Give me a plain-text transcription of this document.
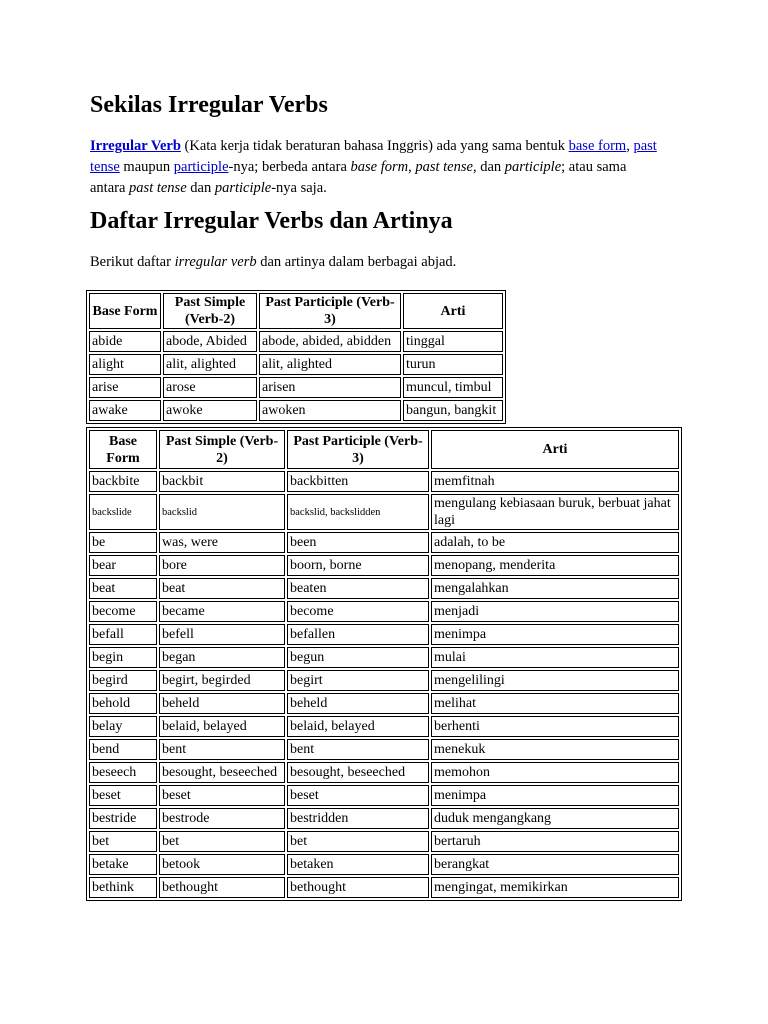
Sekilas Irregular Verbs
Irregular Verb (Kata kerja tidak beraturan bahasa Inggris) ada yang sama bentuk base form, past tense maupun participle-nya; berbeda antara base form, past tense, dan participle; atau sama antara past tense dan participle-nya saja.
Daftar Irregular Verbs dan Artinya
Berikut daftar irregular verb dan artinya dalam berbagai abjad.
Base Form	Past Simple (Verb-2)	Past Participle (Verb-3)	Arti
abide	abode, Abided	abode, abided, abidden	tinggal
alight	alit, alighted	alit, alighted	turun
arise	arose	arisen	muncul, timbul
awake	awoke	awoken	bangun, bangkit
Base Form	Past Simple (Verb-2)	Past Participle (Verb-3)	Arti
backbite	backbit	backbitten	memfitnah
backslide	backslid	backslid, backslidden	mengulang kebiasaan buruk, berbuat jahat lagi
be	was, were	been	adalah, to be
bear	bore	boorn, borne	menopang, menderita
beat	beat	beaten	mengalahkan
become	became	become	menjadi
befall	befell	befallen	menimpa
begin	began	begun	mulai
begird	begirt, begirded	begirt	mengelilingi
behold	beheld	beheld	melihat
belay	belaid, belayed	belaid, belayed	berhenti
bend	bent	bent	menekuk
beseech	besought, beseeched	besought, beseeched	memohon
beset	beset	beset	menimpa
bestride	bestrode	bestridden	duduk mengangkang
bet	bet	bet	bertaruh
betake	betook	betaken	berangkat
bethink	bethought	bethought	mengingat, memikirkan
